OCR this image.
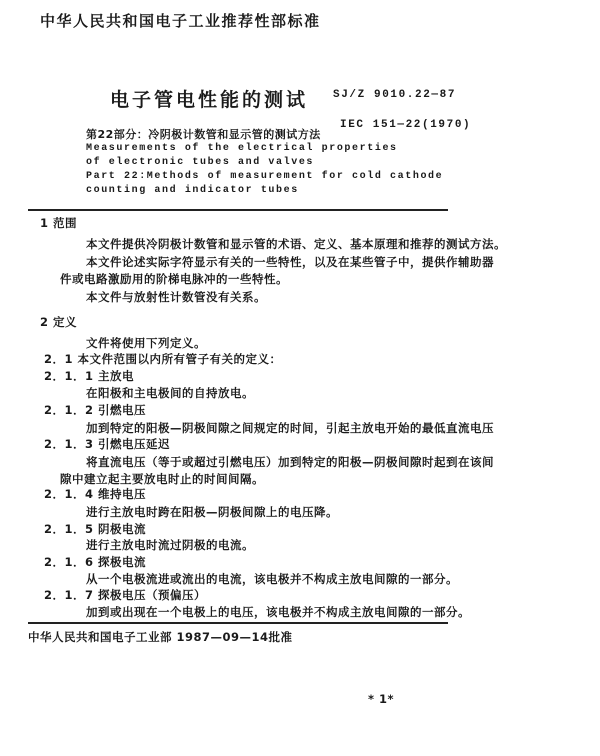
中华人民共和国电子工业推荐性部标准
电子管电性能的测试 SJ/Z 9010.22—87
IEC 151—22(1970)
第22部分：冷阴极计数管和显示管的测试方法
Measurements of the electrical properties
of electronic tubes and valves
Part 22:Methods of measurement for cold cathode
counting and indicator tubes
1 范围
本文件提供冷阴极计数管和显示管的术语、定义、基本原理和推荐的测试方法。
本文件论述实际字符显示有关的一些特性，以及在某些管子中，提供作辅助器
件或电路激励用的阶梯电脉冲的一些特性。
本文件与放射性计数管没有关系。
2 定义
文件将使用下列定义。
2．1 本文件范围以内所有管子有关的定义：
2．1．1 主放电
在阳极和主电极间的自持放电。
2．1．2 引燃电压
加到特定的阳极—阴极间隙之间规定的时间，引起主放电开始的最低直流电压
2．1．3 引燃电压延迟
将直流电压（等于或超过引燃电压）加到特定的阳极—阴极间隙时起到在该间
隙中建立起主要放电时止的时间间隔。
2．1．4 维持电压
进行主放电时跨在阳极—阴极间隙上的电压降。
2．1．5 阴极电流
进行主放电时流过阴极的电流。
2．1．6 探极电流
从一个电极流进或流出的电流，该电极并不构成主放电间隙的一部分。
2．1．7 探极电压（预偏压）
加到或出现在一个电极上的电压，该电极并不构成主放电间隙的一部分。
中华人民共和国电子工业部 1987—09—14批准
* 1*
